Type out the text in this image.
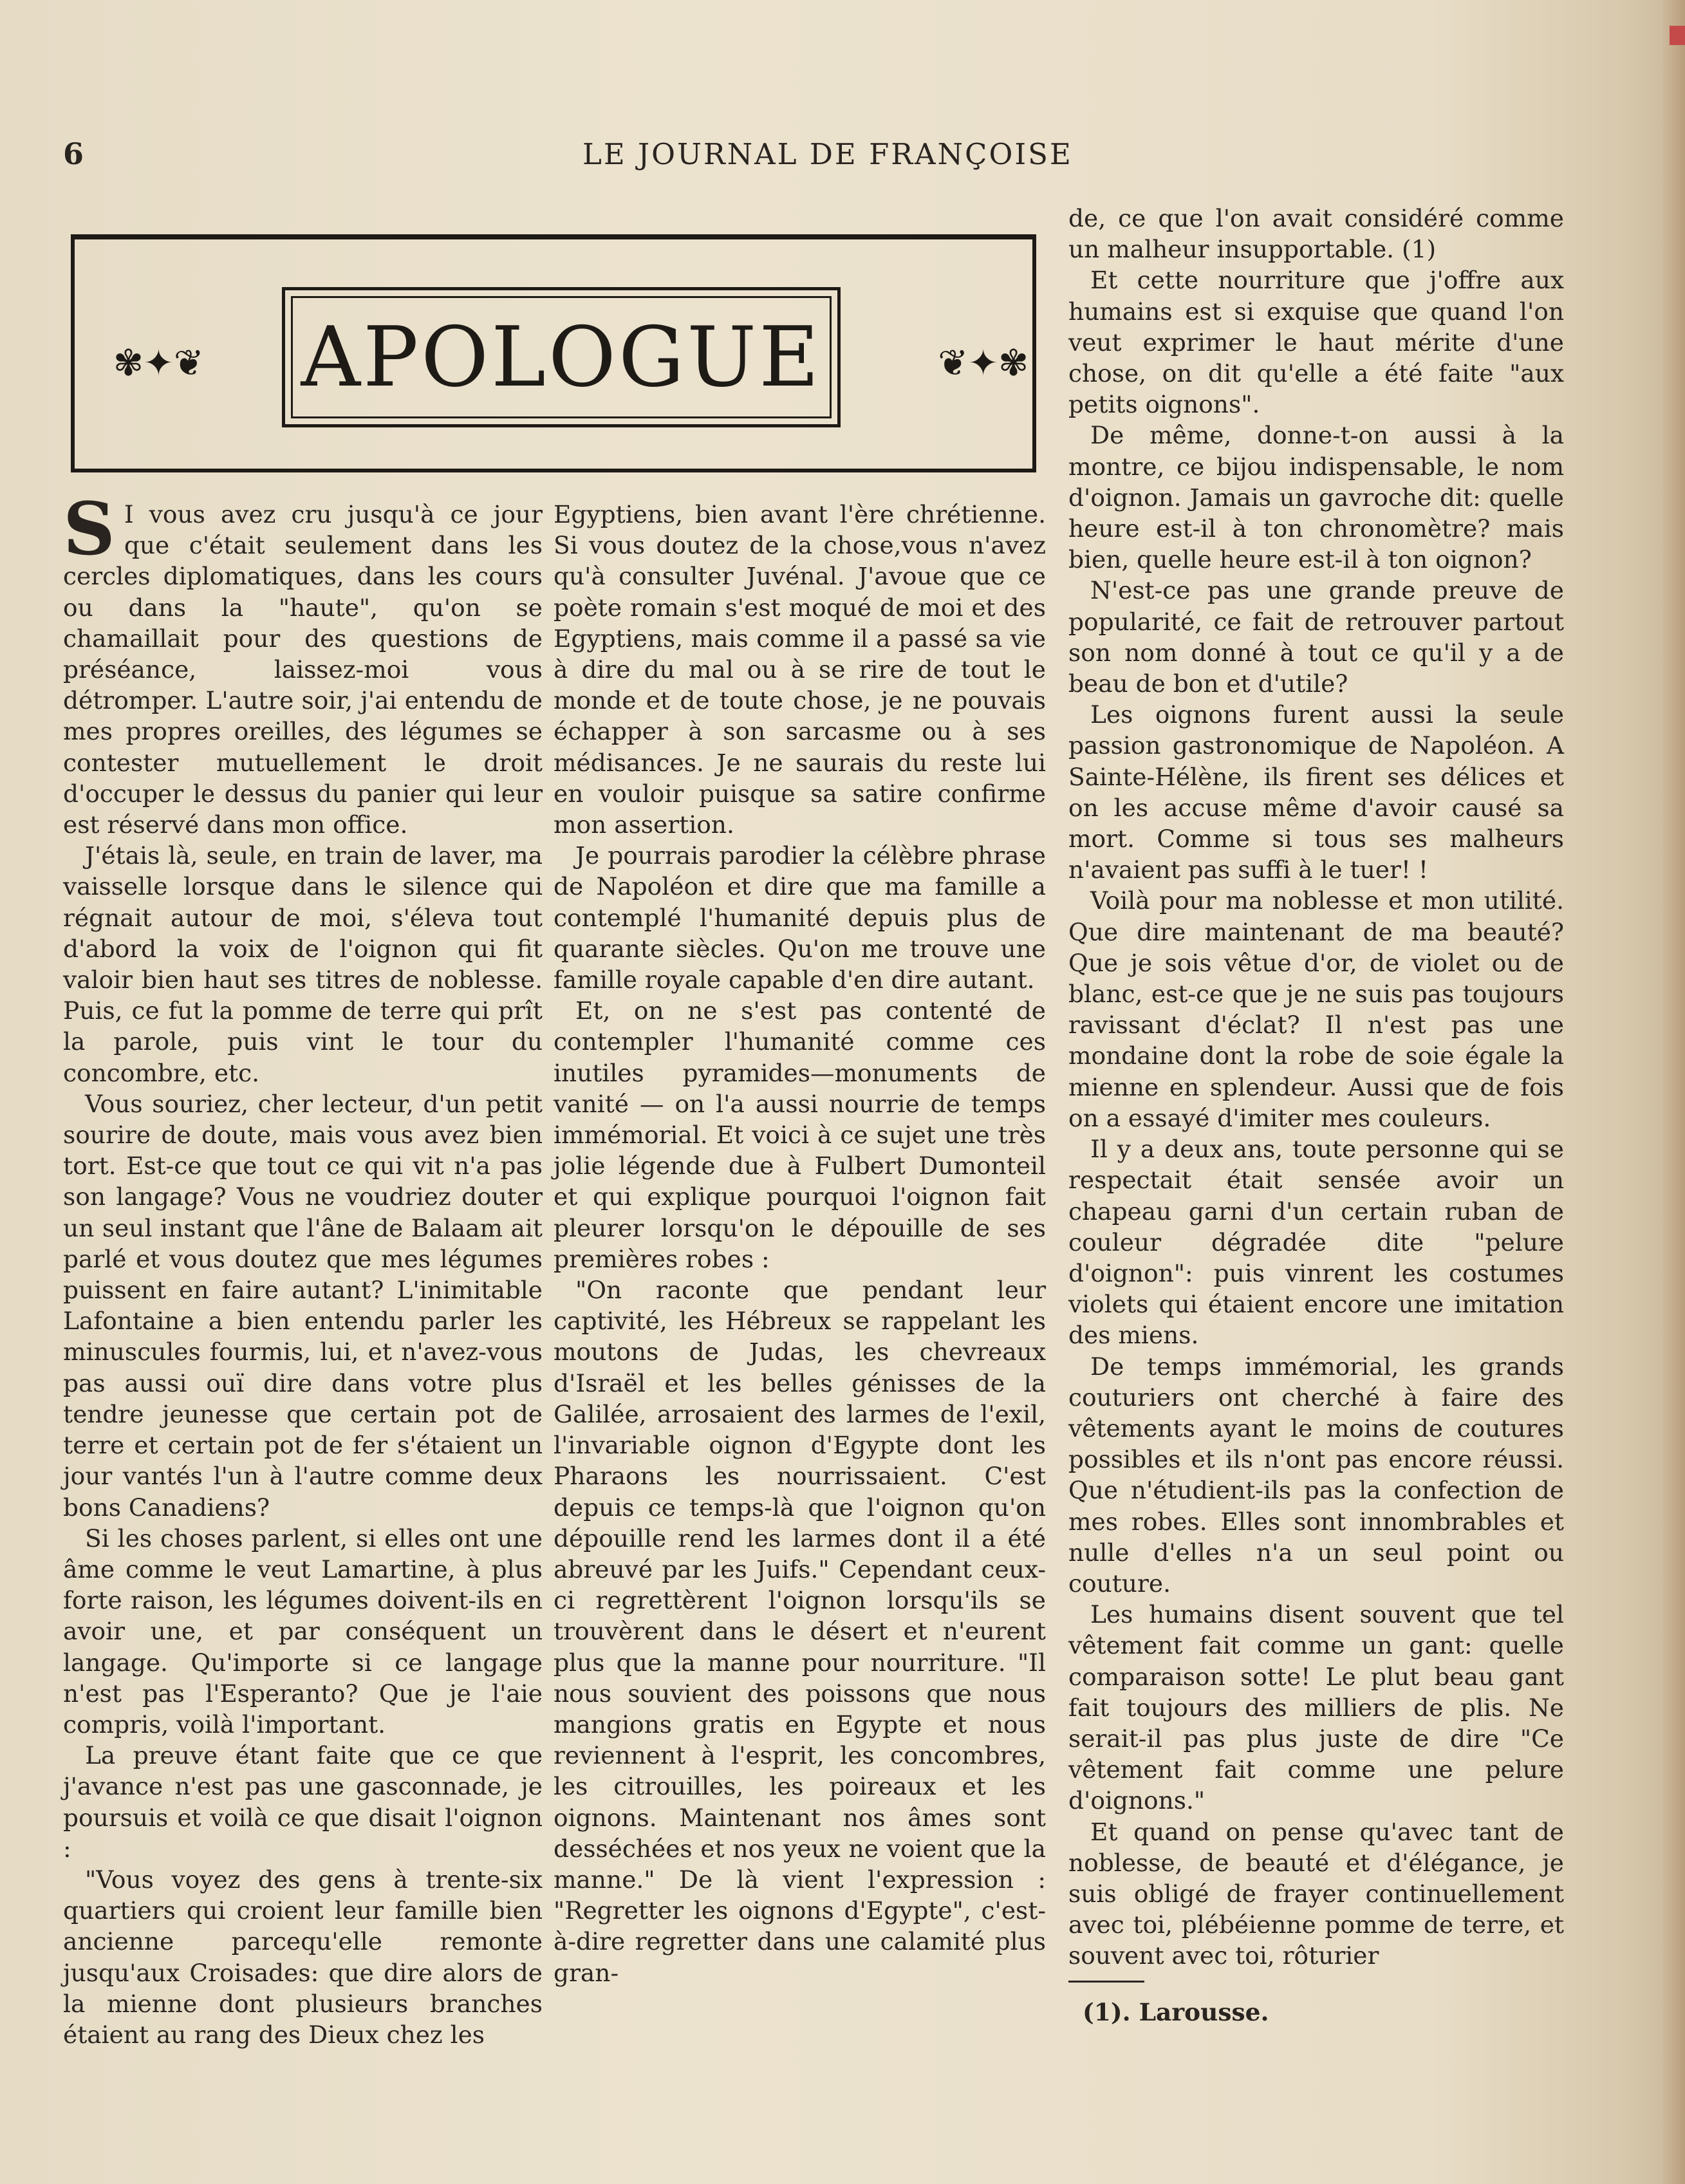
6	LE JOURNAL DE FRANÇOISE
✾✦❦ APOLOGUE	❦✦✾

S I vous avez cru jusqu'à ce jour que c'était seulement dans les cercles diplomatiques, dans les cours ou dans la "haute", qu'on se chamaillait pour des questions de préséance, laissez-moi vous détromper. L'autre soir, j'ai entendu de mes propres oreilles, des légumes se contester mutuellement le droit d'occuper le dessus du panier qui leur est réservé dans mon office.

J'étais là, seule, en train de laver, ma vaisselle lorsque dans le silence qui régnait autour de moi, s'éleva tout d'abord la voix de l'oignon qui fit valoir bien haut ses titres de noblesse. Puis, ce fut la pomme de terre qui prît la parole, puis vint le tour du concombre, etc.

Vous souriez, cher lecteur, d'un petit sourire de doute, mais vous avez bien tort. Est-ce que tout ce qui vit n'a pas son langage? Vous ne voudriez douter un seul instant que l'âne de Balaam ait parlé et vous doutez que mes légumes puissent en faire autant? L'inimitable Lafontaine a bien entendu parler les minuscules fourmis, lui, et n'avez-vous pas aussi ouï dire dans votre plus tendre jeunesse que certain pot de terre et certain pot de fer s'étaient un jour vantés l'un à l'autre comme deux bons Canadiens?

Si les choses parlent, si elles ont une âme comme le veut Lamartine, à plus forte raison, les légumes doivent-ils en avoir une, et par conséquent un langage. Qu'importe si ce langage n'est pas l'Esperanto? Que je l'aie compris, voilà l'important.

La preuve étant faite que ce que j'avance n'est pas une gasconnade, je poursuis et voilà ce que disait l'oignon :

"Vous voyez des gens à trente-six quartiers qui croient leur famille bien ancienne parcequ'elle remonte jusqu'aux Croisades: que dire alors de la mienne dont plusieurs branches étaient au rang des Dieux chez les

Egyptiens, bien avant l'ère chrétienne. Si vous doutez de la chose,vous n'avez qu'à consulter Juvénal. J'avoue que ce poète romain s'est moqué de moi et des Egyptiens, mais comme il a passé sa vie à dire du mal ou à se rire de tout le monde et de toute chose, je ne pouvais échapper à son sarcasme ou à ses médisances. Je ne saurais du reste lui en vouloir puisque sa satire confirme mon assertion.

Je pourrais parodier la célèbre phrase de Napoléon et dire que ma famille a contemplé l'humanité depuis plus de quarante siècles. Qu'on me trouve une famille royale capable d'en dire autant.

Et, on ne s'est pas contenté de contempler l'humanité comme ces inutiles pyramides—monuments de vanité — on l'a aussi nourrie de temps immémorial. Et voici à ce sujet une très jolie légende due à Fulbert Dumonteil et qui explique pourquoi l'oignon fait pleurer lorsqu'on le dépouille de ses premières robes :

"On raconte que pendant leur captivité, les Hébreux se rappelant les moutons de Judas, les chevreaux d'Israël et les belles génisses de la Galilée, arrosaient des larmes de l'exil, l'invariable oignon d'Egypte dont les Pharaons les nourrissaient. C'est depuis ce temps-là que l'oignon qu'on dépouille rend les larmes dont il a été abreuvé par les Juifs." Cependant ceux-ci regrettèrent l'oignon lorsqu'ils se trouvèrent dans le désert et n'eurent plus que la manne pour nourriture. "Il nous souvient des poissons que nous mangions gratis en Egypte et nous reviennent à l'esprit, les concombres, les citrouilles, les poireaux et les oignons. Maintenant nos âmes sont desséchées et nos yeux ne voient que la manne." De là vient l'expression : "Regretter les oignons d'Egypte", c'est-à-dire regretter dans une calamité plus gran-

de, ce que l'on avait considéré comme un malheur insupportable. (1)

Et cette nourriture que j'offre aux humains est si exquise que quand l'on veut exprimer le haut mérite d'une chose, on dit qu'elle a été faite "aux petits oignons".

De même, donne-t-on aussi à la montre, ce bijou indispensable, le nom d'oignon. Jamais un gavroche dit: quelle heure est-il à ton chronomètre? mais bien, quelle heure est-il à ton oignon?

N'est-ce pas une grande preuve de popularité, ce fait de retrouver partout son nom donné à tout ce qu'il y a de beau de bon et d'utile?

Les oignons furent aussi la seule passion gastronomique de Napoléon. A Sainte-Hélène, ils firent ses délices et on les accuse même d'avoir causé sa mort. Comme si tous ses malheurs n'avaient pas suffi à le tuer! !

Voilà pour ma noblesse et mon utilité. Que dire maintenant de ma beauté? Que je sois vêtue d'or, de violet ou de blanc, est-ce que je ne suis pas toujours ravissant d'éclat? Il n'est pas une mondaine dont la robe de soie égale la mienne en splendeur. Aussi que de fois on a essayé d'imiter mes couleurs.

Il y a deux ans, toute personne qui se respectait était sensée avoir un chapeau garni d'un certain ruban de couleur dégradée dite "pelure d'oignon": puis vinrent les costumes violets qui étaient encore une imitation des miens.

De temps immémorial, les grands couturiers ont cherché à faire des vêtements ayant le moins de coutures possibles et ils n'ont pas encore réussi. Que n'étudient-ils pas la confection de mes robes. Elles sont innombrables et nulle d'elles n'a un seul point ou couture.

Les humains disent souvent que tel vêtement fait comme un gant: quelle comparaison sotte! Le plut beau gant fait toujours des milliers de plis. Ne serait-il pas plus juste de dire "Ce vêtement fait comme une pelure d'oignons."

Et quand on pense qu'avec tant de noblesse, de beauté et d'élégance, je suis obligé de frayer continuellement avec toi, plébéienne pomme de terre, et souvent avec toi, rôturier

(1). Larousse.
